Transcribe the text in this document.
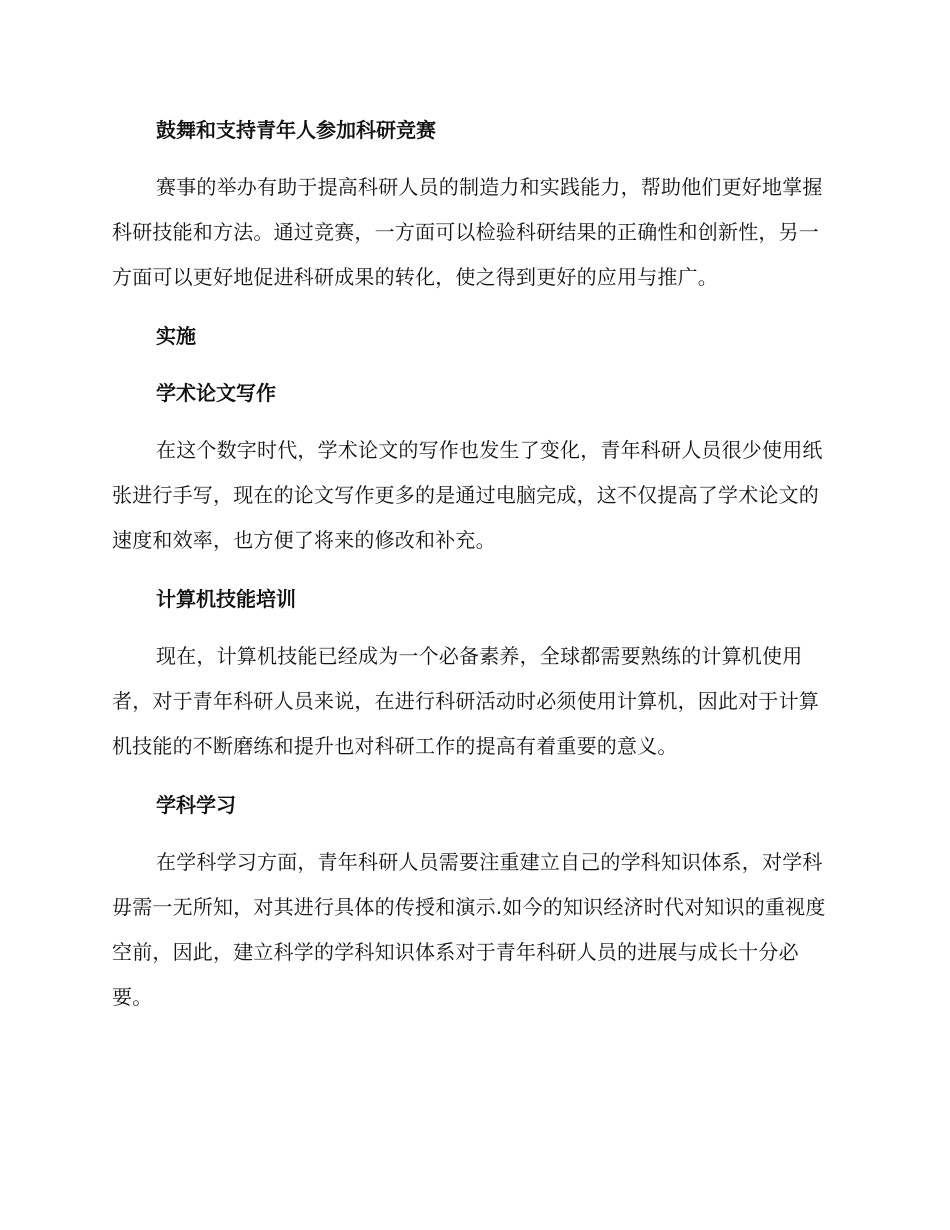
鼓舞和支持青年人参加科研竞赛

赛事的举办有助于提高科研人员的制造力和实践能力，帮助他们更好地掌握科研技能和方法。通过竞赛，一方面可以检验科研结果的正确性和创新性，另一方面可以更好地促进科研成果的转化，使之得到更好的应用与推广。

实施
学术论文写作

在这个数字时代，学术论文的写作也发生了变化，青年科研人员很少使用纸张进行手写，现在的论文写作更多的是通过电脑完成，这不仅提高了学术论文的速度和效率，也方便了将来的修改和补充。

计算机技能培训

现在，计算机技能已经成为一个必备素养，全球都需要熟练的计算机使用者，对于青年科研人员来说，在进行科研活动时必须使用计算机，因此对于计算机技能的不断磨练和提升也对科研工作的提高有着重要的意义。

学科学习

在学科学习方面，青年科研人员需要注重建立自己的学科知识体系，对学科毋需一无所知，对其进行具体的传授和演示.如今的知识经济时代对知识的重视度空前，因此，建立科学的学科知识体系对于青年科研人员的进展与成长十分必要。
